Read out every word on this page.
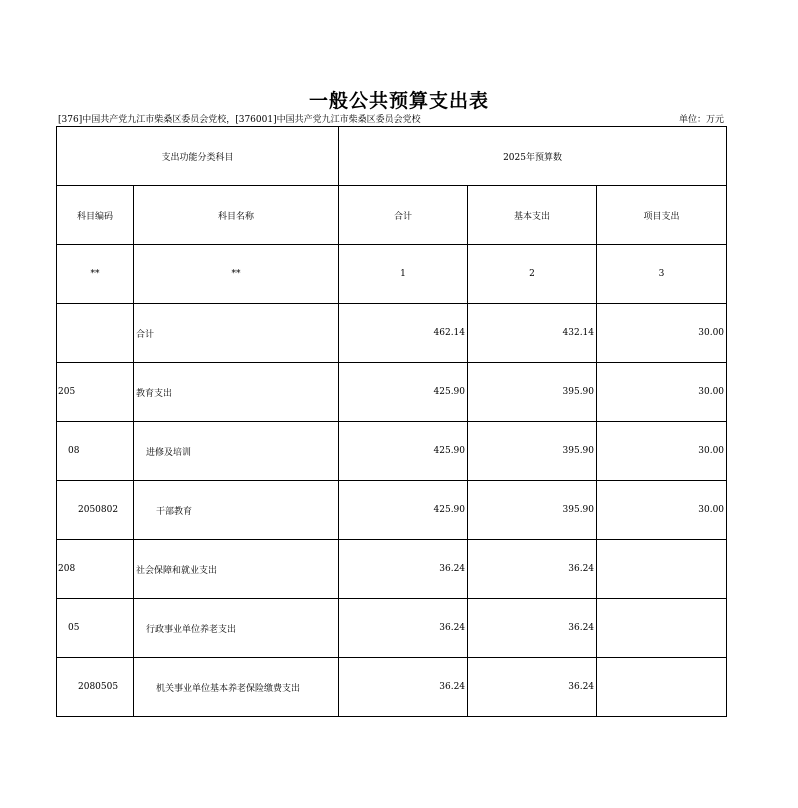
一般公共预算支出表
[376]中国共产党九江市柴桑区委员会党校，[376001]中国共产党九江市柴桑区委员会党校	单位：万元
支出功能分类科目		2025年预算数		
科目编码	科目名称	合计	基本支出	项目支出
**	**	1	2	3
	合计	462.14	432.14	30.00
205	教育支出	425.90	395.90	30.00
08	进修及培训	425.90	395.90	30.00
2050802	干部教育	425.90	395.90	30.00
208	社会保障和就业支出	36.24	36.24	
05	行政事业单位养老支出	36.24	36.24	
2080505	机关事业单位基本养老保险缴费支出	36.24	36.24	
